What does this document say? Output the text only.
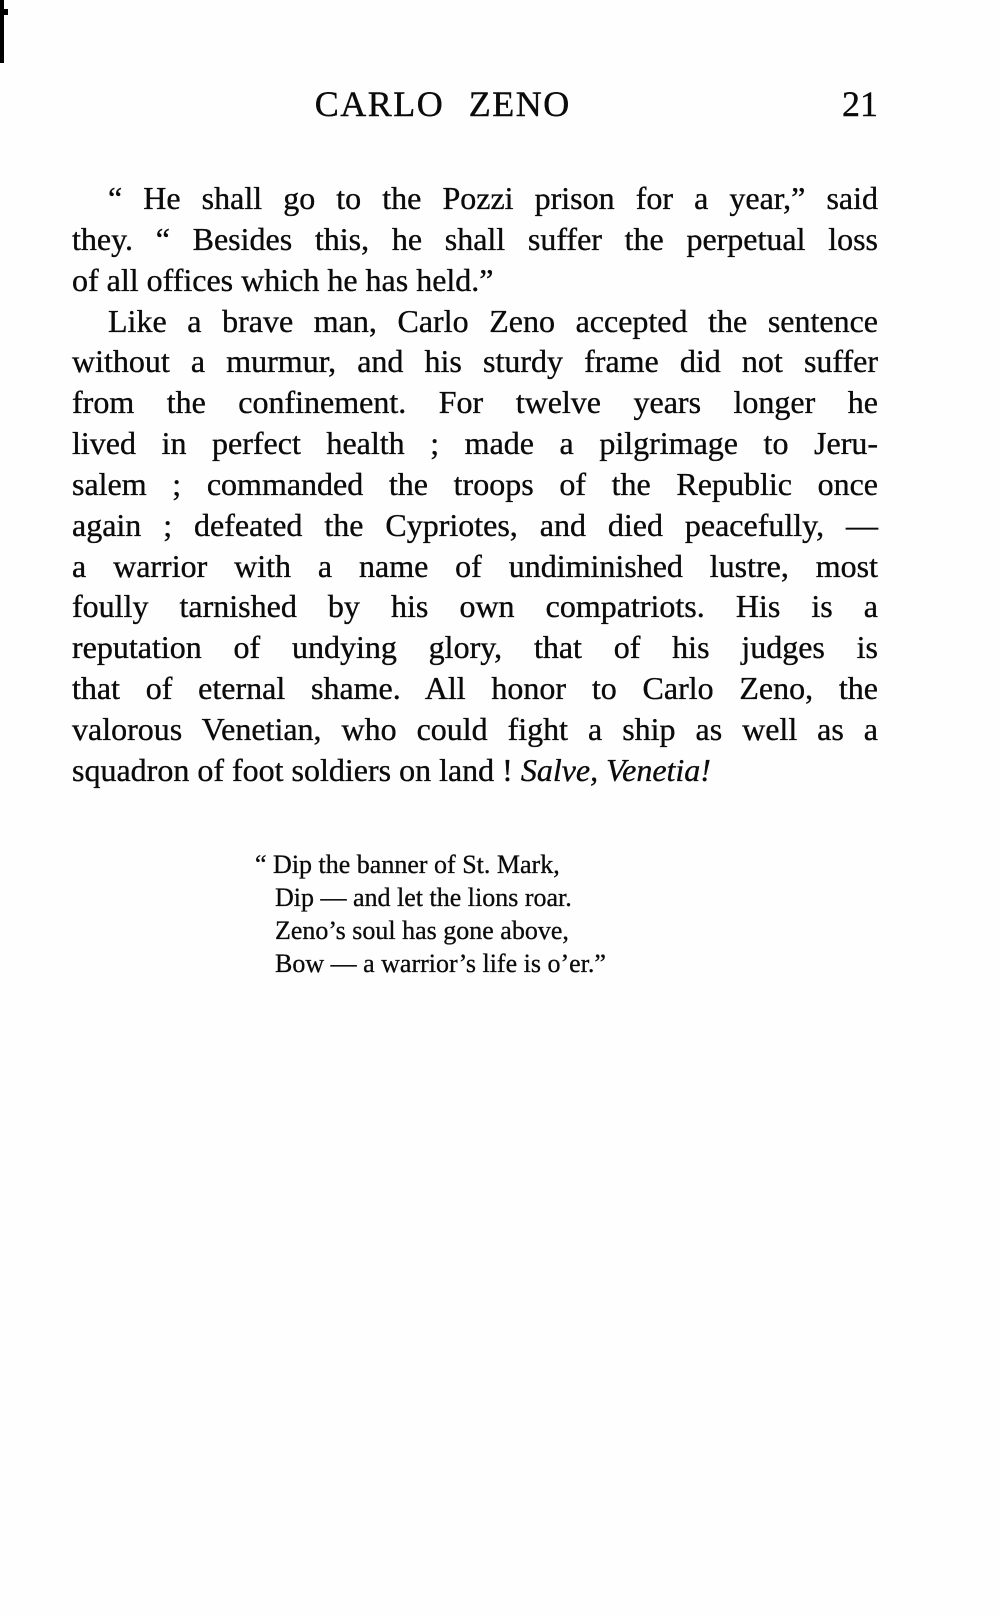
CARLO ZENO	21
“ He shall go to the Pozzi prison for a year,” said
they. “ Besides this, he shall suffer the perpetual loss
of all offices which he has held.”
Like a brave man, Carlo Zeno accepted the sentence
without a murmur, and his sturdy frame did not suffer
from the confinement. For twelve years longer he
lived in perfect health ; made a pilgrimage to Jeru-
salem ; commanded the troops of the Republic once
again ; defeated the Cypriotes, and died peacefully, —
a warrior with a name of undiminished lustre, most
foully tarnished by his own compatriots. His is a
reputation of undying glory, that of his judges is
that of eternal shame. All honor to Carlo Zeno, the
valorous Venetian, who could fight a ship as well as a
squadron of foot soldiers on land ! Salve, Venetia!
“ Dip the banner of St. Mark,
Dip — and let the lions roar.
Zeno’s soul has gone above,
Bow — a warrior’s life is o’er.”
